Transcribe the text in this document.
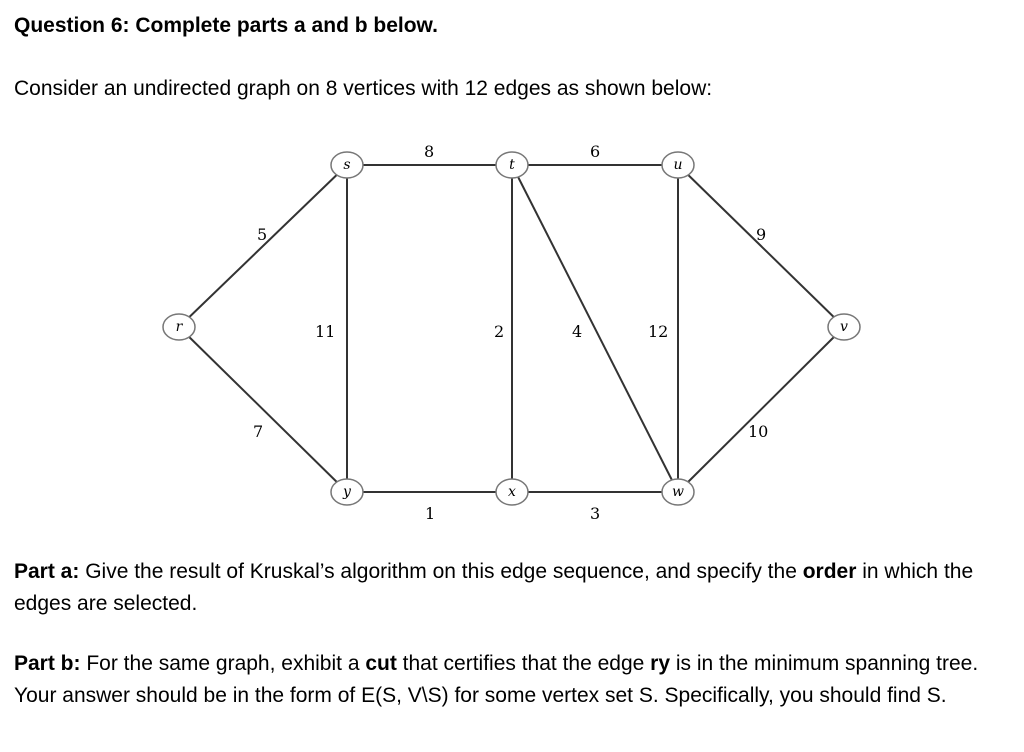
Question 6: Complete parts a and b below.

Consider an undirected graph on 8 vertices with 12 edges as shown below:

5
7
8	6
11	2	4	12
9
10
1	3
r
s	t	u
v
w
x
y

Part a: Give the result of Kruskal’s algorithm on this edge sequence, and specify the order in which the edges are selected.

Part b: For the same graph, exhibit a cut that certifies that the edge ry is in the minimum spanning tree. Your answer should be in the form of E(S, V\S) for some vertex set S. Specifically, you should find S.
